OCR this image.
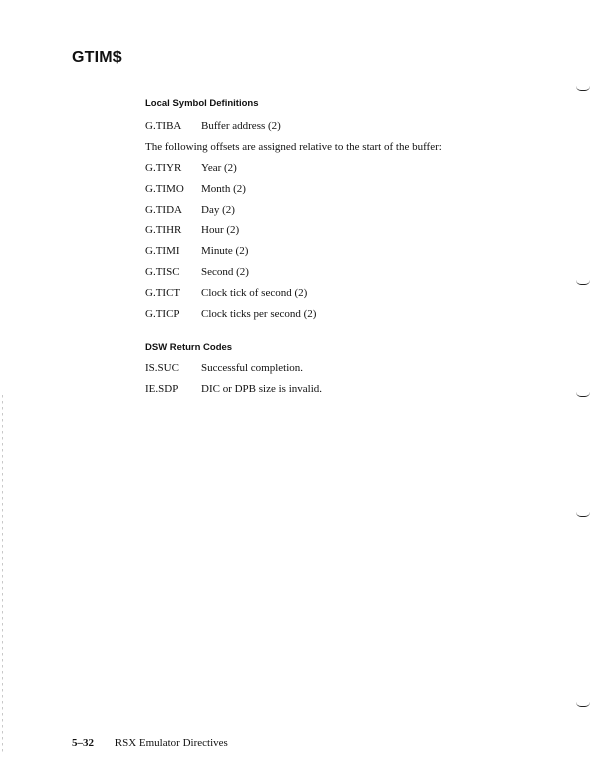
GTIM$
Local Symbol Definitions
G.TIBA	Buffer address (2)

The following offsets are assigned relative to the start of the buffer:

G.TIYR	Year (2)
G.TIMO	Month (2)
G.TIDA	Day (2)
G.TIHR	Hour (2)
G.TIMI	Minute (2)
G.TISC	Second (2)
G.TICT	Clock tick of second (2)
G.TICP	Clock ticks per second (2)
DSW Return Codes
IS.SUC	Successful completion.
IE.SDP	DIC or DPB size is invalid.
5–32 RSX Emulator Directives
